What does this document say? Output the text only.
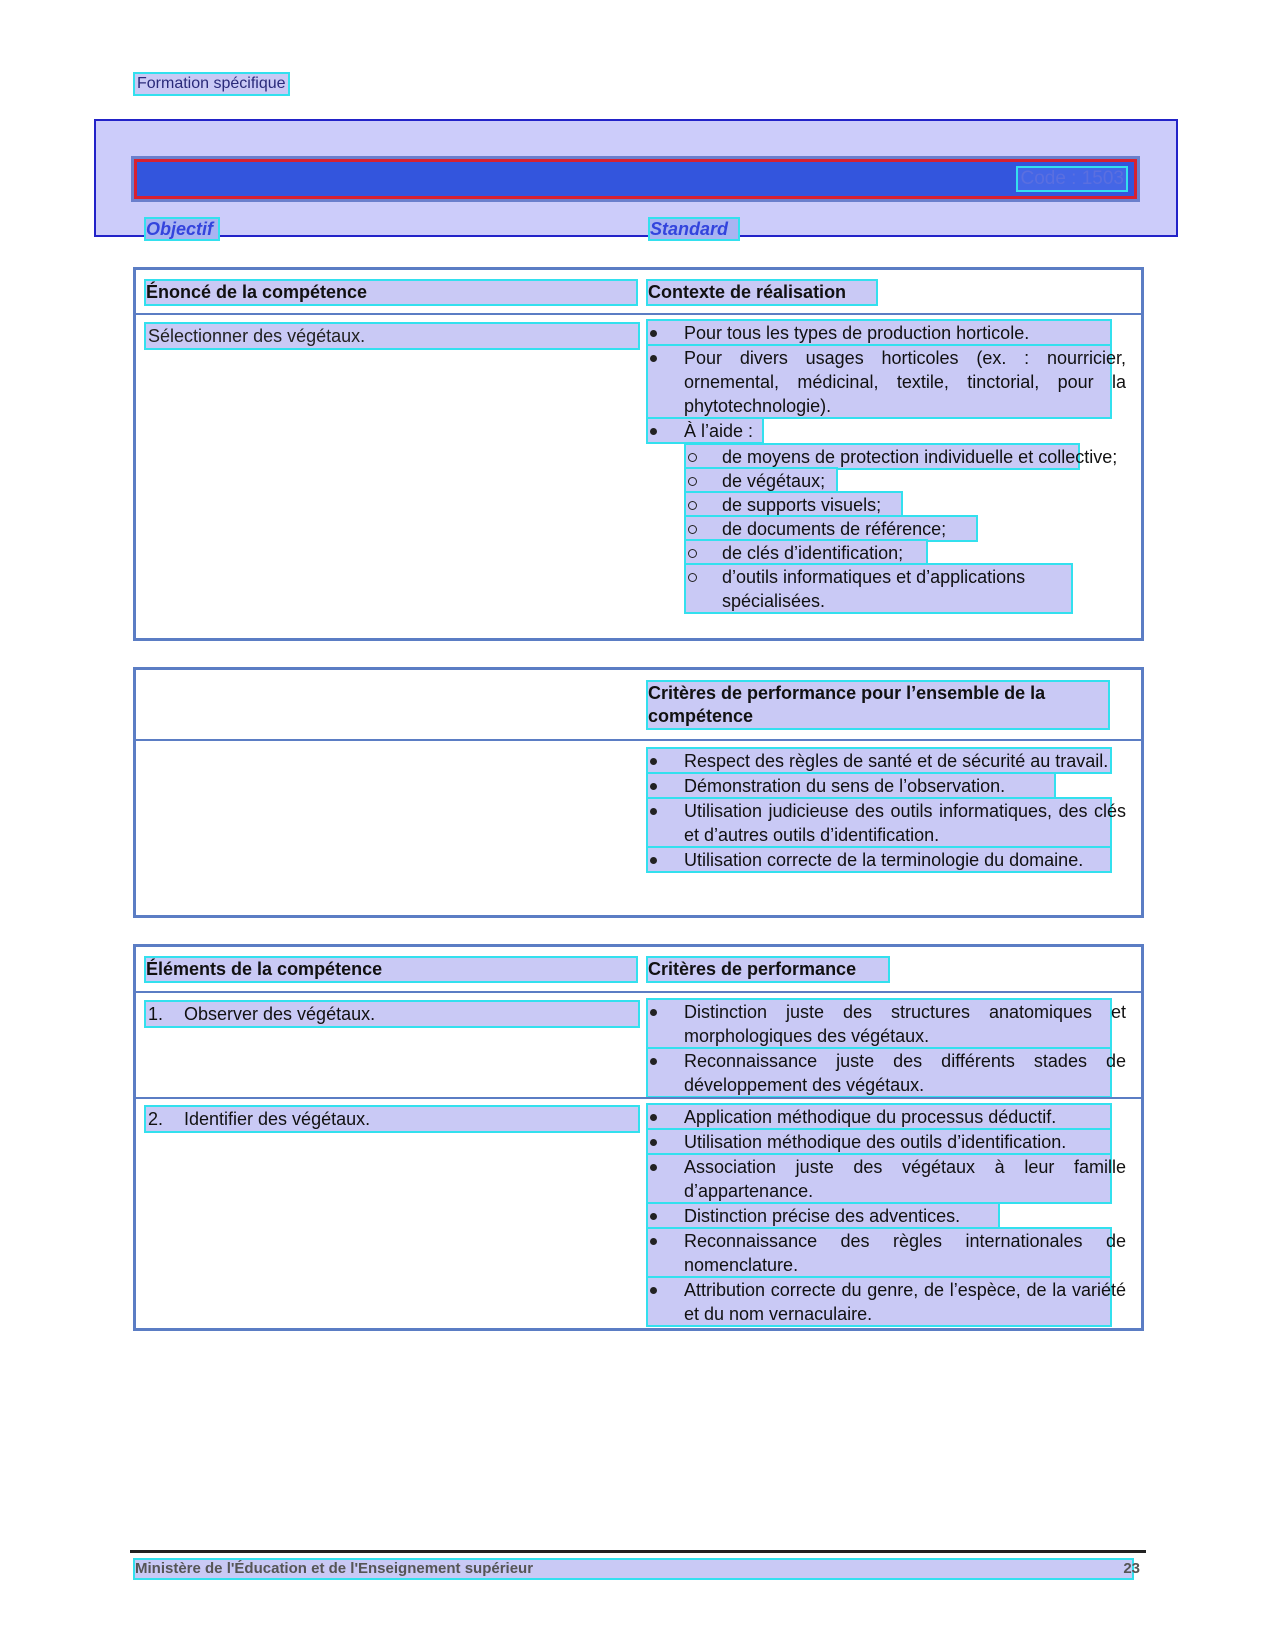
Formation spécifique
Code : 1503
Objectif	Standard
Énoncé de la compétence	Contexte de réalisation
Sélectionner des végétaux.	Pour tous les types de production horticole.
Pour divers usages horticoles (ex. : nourricier, ornemental, médicinal, textile, tinctorial, pour la phytotechnologie).
À l’aide :
de moyens de protection individuelle et collective;
de végétaux;
de supports visuels;
de documents de référence;
de clés d’identification;
d’outils informatiques et d’applications spécialisées.
Critères de performance pour l’ensemble de la compétence
Respect des règles de santé et de sécurité au travail.
Démonstration du sens de l’observation.
Utilisation judicieuse des outils informatiques, des clés et d’autres outils d’identification.
Utilisation correcte de la terminologie du domaine.
Éléments de la compétence	Critères de performance
1. Observer des végétaux.	Distinction juste des structures anatomiques et morphologiques des végétaux.
Reconnaissance juste des différents stades de développement des végétaux.
2. Identifier des végétaux.	Application méthodique du processus déductif.
Utilisation méthodique des outils d’identification.
Association juste des végétaux à leur famille d’appartenance.
Distinction précise des adventices.
Reconnaissance des règles internationales de nomenclature.
Attribution correcte du genre, de l’espèce, de la variété et du nom vernaculaire.
Ministère de l'Éducation et de l'Enseignement supérieur	23
